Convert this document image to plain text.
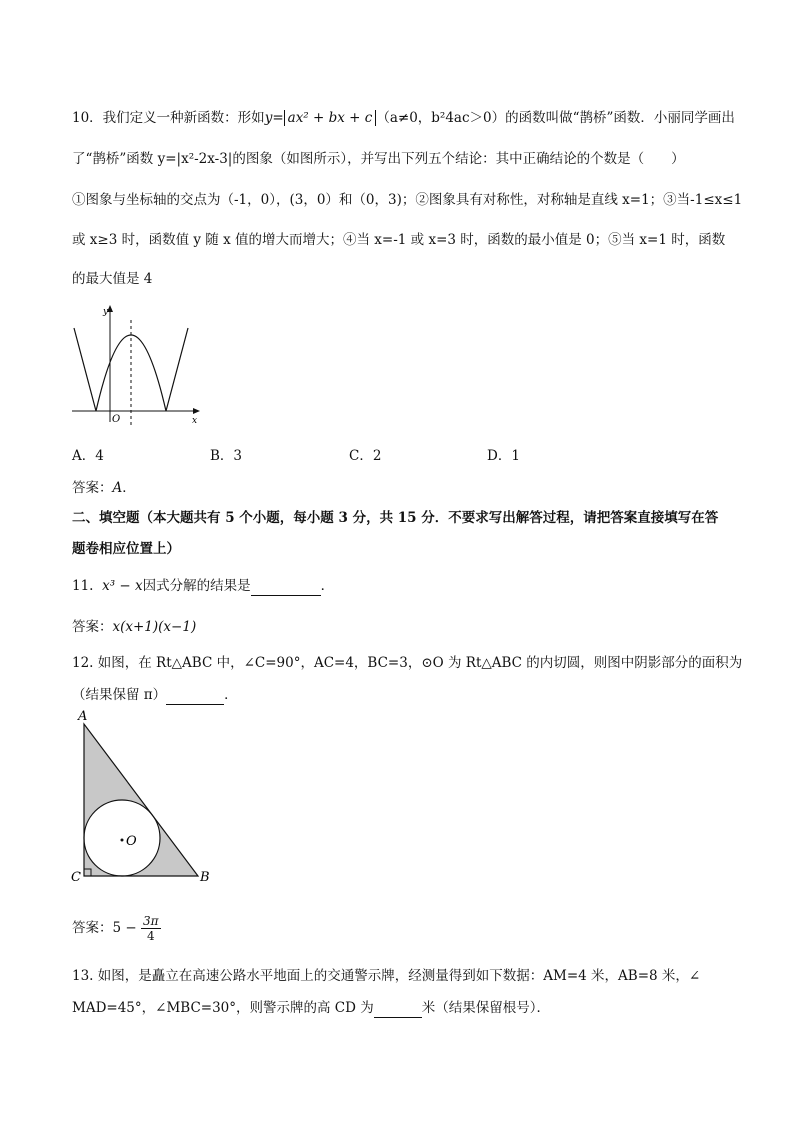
10．我们定义一种新函数：形如y= ax² + bx + c （a≠0，b²4ac＞0）的函数叫做“鹊桥”函数．小丽同学画出
了“鹊桥”函数 y=|x²-2x-3|的图象（如图所示），并写出下列五个结论：其中正确结论的个数是（　　）
①图象与坐标轴的交点为（-1，0），(3，0）和（0，3)；②图象具有对称性，对称轴是直线 x=1；③当-1≤x≤1
或 x≥3 时，函数值 y 随 x 值的增大而增大；④当 x=-1 或 x=3 时，函数的最小值是 0；⑤当 x=1 时，函数
的最大值是 4
y
x
O
A．4	B．3	C．2	D．1
答案：A．
二、填空题（本大题共有 5 个小题，每小题 3 分，共 15 分．不要求写出解答过程，请把答案直接填写在答
题卷相应位置上）
11. x³ − x因式分解的结果是	．
答案：x(x+1)(x−1)
12. 如图，在 Rt△ABC 中，∠C=90°，AC=4，BC=3，⊙O 为 Rt△ABC 的内切圆，则图中阴影部分的面积为
（结果保留 π）	．
A
C	B
O
答案：$5 - \frac{3\pi}{4}$
13. 如图，是矗立在高速公路水平地面上的交通警示牌，经测量得到如下数据：AM=4 米，AB=8 米，∠
MAD=45°，∠MBC=30°，则警示牌的高 CD 为	米（结果保留根号）．
